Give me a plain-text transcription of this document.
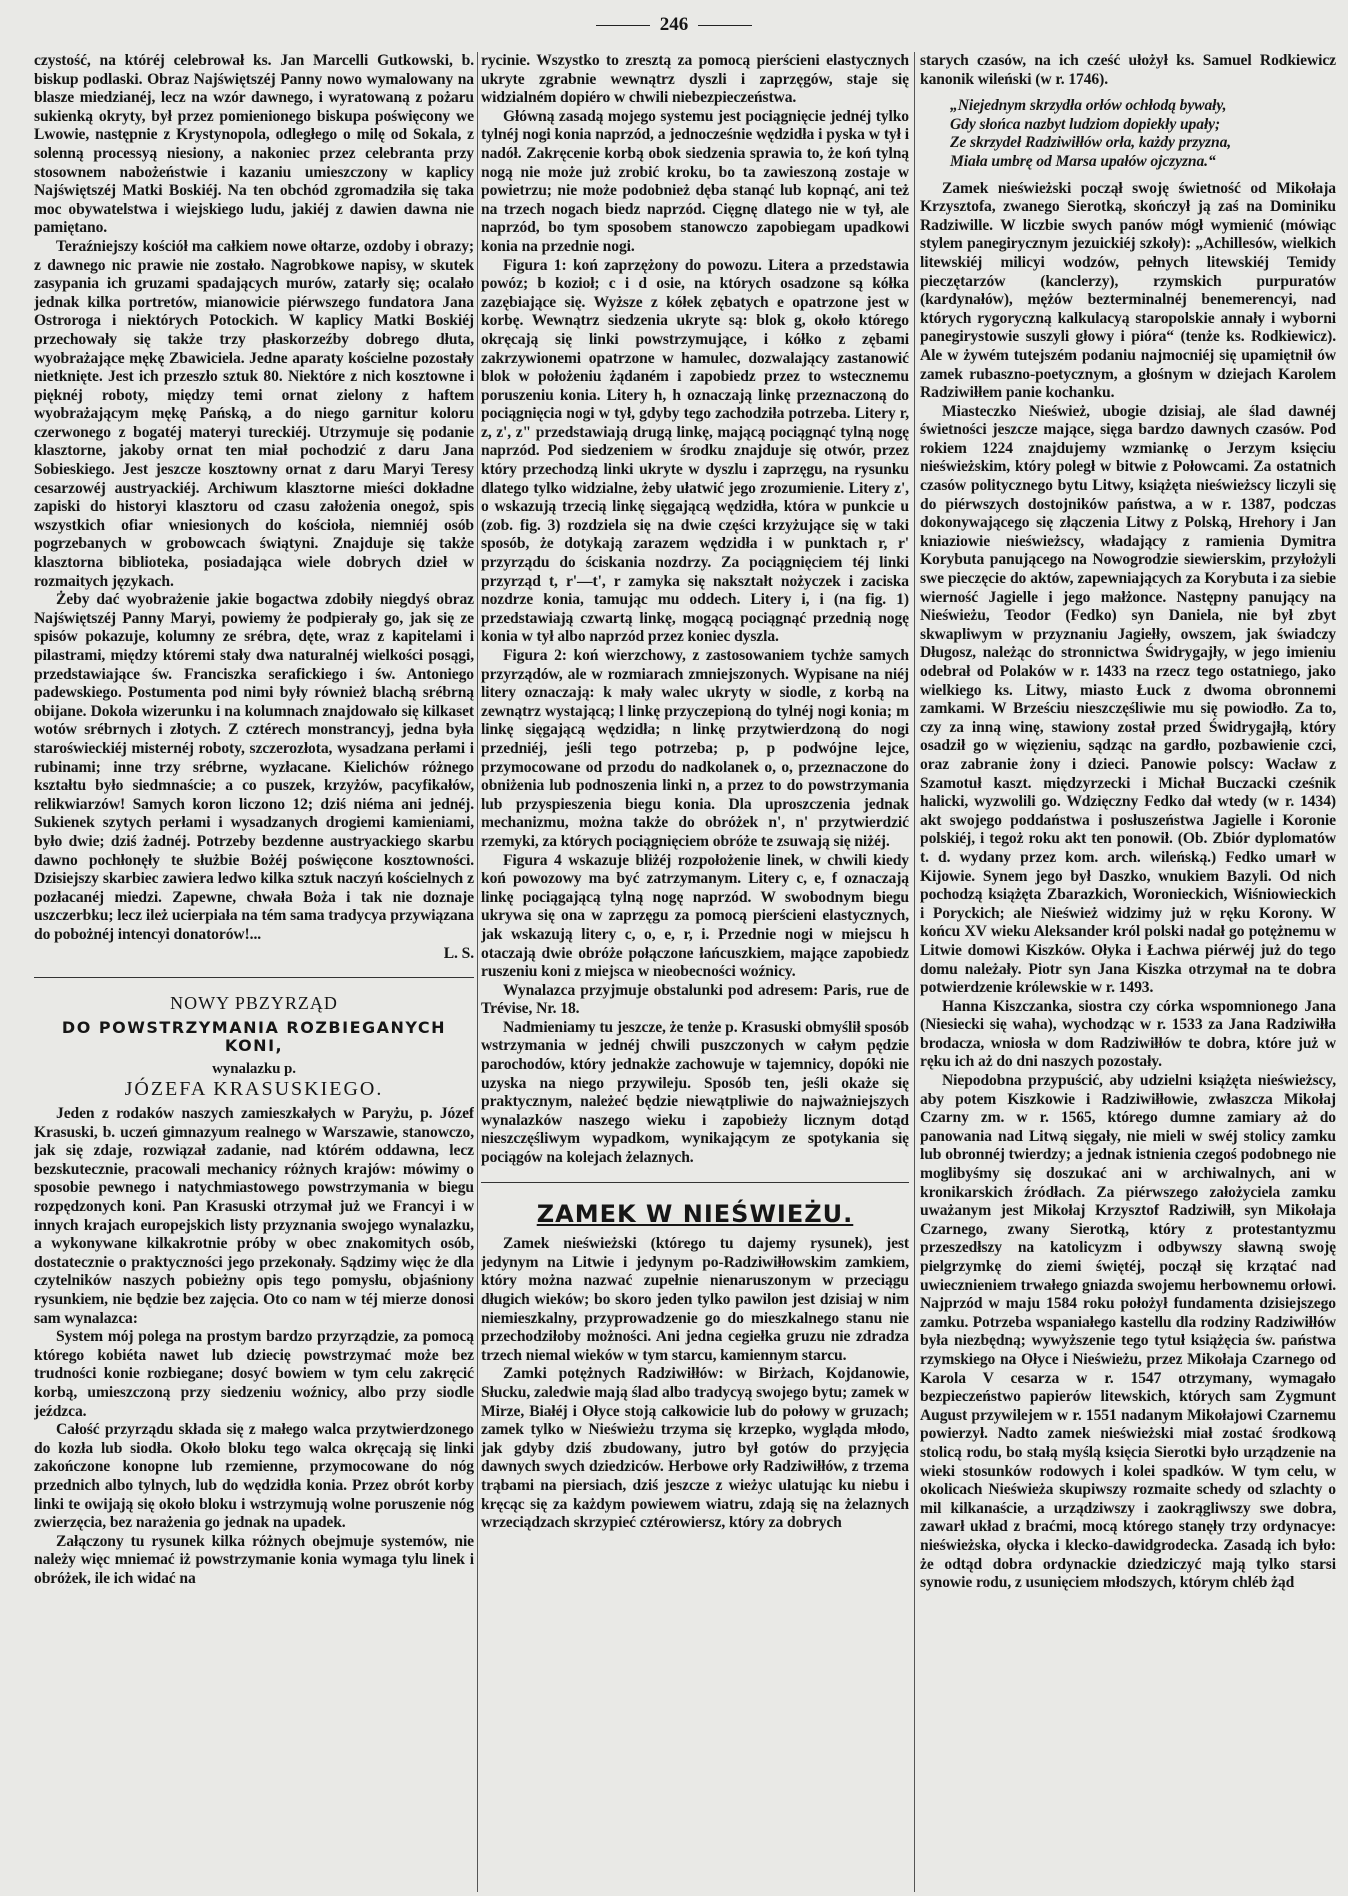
246

czystość, na któréj celebrował ks. Jan Marcelli Gutkowski, b. biskup podlaski. Obraz Najświętszéj Panny nowo wymalowany na blasze miedzianéj, lecz na wzór dawnego, i wyratowaną z pożaru sukienką okryty, był przez pomienionego biskupa poświęcony we Lwowie, następnie z Krystynopola, odległego o milę od Sokala, z solenną processyą niesiony, a nakoniec przez celebranta przy stosownem nabożeństwie i kazaniu umieszczony w kaplicy Najświętszéj Matki Boskiéj. Na ten obchód zgromadziła się taka moc obywatelstwa i wiejskiego ludu, jakiéj z dawien dawna nie pamiętano.

Teraźniejszy kościół ma całkiem nowe ołtarze, ozdoby i obrazy; z dawnego nic prawie nie zostało. Nagrobkowe napisy, w skutek zasypania ich gruzami spadających murów, zatarły się; ocalało jednak kilka portretów, mianowicie piérwszego fundatora Jana Ostroroga i niektórych Potockich. W kaplicy Matki Boskiéj przechowały się także trzy płaskorzeźby dobrego dłuta, wyobrażające mękę Zbawiciela. Jedne aparaty kościelne pozostały nietknięte. Jest ich przeszło sztuk 80. Niektóre z nich kosztowne i pięknéj roboty, między temi ornat zielony z haftem wyobrażającym mękę Pańską, a do niego garnitur koloru czerwonego z bogatéj materyi tureckiéj. Utrzymuje się podanie klasztorne, jakoby ornat ten miał pochodzić z daru Jana Sobieskiego. Jest jeszcze kosztowny ornat z daru Maryi Teresy cesarzowéj austryackiéj. Archiwum klasztorne mieści dokładne zapiski do historyi klasztoru od czasu założenia onegoż, spis wszystkich ofiar wniesionych do kościoła, niemniéj osób pogrzebanych w grobowcach świątyni. Znajduje się także klasztorna biblioteka, posiadająca wiele dobrych dzieł w rozmaitych językach.

Żeby dać wyobrażenie jakie bogactwa zdobiły niegdyś obraz Najświętszéj Panny Maryi, powiemy że podpierały go, jak się ze spisów pokazuje, kolumny ze srébra, dęte, wraz z kapitelami i pilastrami, między któremi stały dwa naturalnéj wielkości posągi, przedstawiające św. Franciszka serafickiego i św. Antoniego padewskiego. Postumenta pod nimi były również blachą srébrną obijane. Dokoła wizerunku i na kolumnach znajdowało się kilkaset wotów srébrnych i złotych. Z cztérech monstrancyj, jedna była staroświeckiéj misternéj roboty, szczerozłota, wysadzana perłami i rubinami; inne trzy srébrne, wyzłacane. Kielichów różnego kształtu było siedmnaście; a co puszek, krzyżów, pacyfikałów, relikwiarzów! Samych koron liczono 12; dziś niéma ani jednéj. Sukienek szytych perłami i wysadzanych drogiemi kamieniami, było dwie; dziś żadnéj. Potrzeby bezdenne austryackiego skarbu dawno pochłonęły te służbie Bożéj poświęcone kosztowności. Dzisiejszy skarbiec zawiera ledwo kilka sztuk naczyń kościelnych z pozłacanéj miedzi. Zapewne, chwała Boża i tak nie doznaje uszczerbku; lecz ileż ucierpiała na tém sama tradycya przywiązana do pobożnéj intencyi donatorów!...

L. S.
NOWY PBZYRZĄD
DO POWSTRZYMANIA ROZBIEGANYCH KONI,
wynalazku p.
JÓZEFA KRASUSKIEGO.

Jeden z rodaków naszych zamieszkałych w Paryżu, p. Józef Krasuski, b. uczeń gimnazyum realnego w Warszawie, stanowczo, jak się zdaje, rozwiązał zadanie, nad którém oddawna, lecz bezskutecznie, pracowali mechanicy różnych krajów: mówimy o sposobie pewnego i natychmiastowego powstrzymania w biegu rozpędzonych koni. Pan Krasuski otrzymał już we Francyi i w innych krajach europejskich listy przyznania swojego wynalazku, a wykonywane kilkakrotnie próby w obec znakomitych osób, dostatecznie o praktyczności jego przekonały. Sądzimy więc że dla czytelników naszych pobieżny opis tego pomysłu, objaśniony rysunkiem, nie będzie bez zajęcia. Oto co nam w téj mierze donosi sam wynalazca:

System mój polega na prostym bardzo przyrządzie, za pomocą którego kobiéta nawet lub dziecię powstrzymać może bez trudności konie rozbiegane; dosyć bowiem w tym celu zakręcić korbą, umieszczoną przy siedzeniu woźnicy, albo przy siodle jeźdzca.

Całość przyrządu składa się z małego walca przytwierdzonego do kozła lub siodła. Około bloku tego walca okręcają się linki zakończone konopne lub rzemienne, przymocowane do nóg przednich albo tylnych, lub do wędzidła konia. Przez obrót korby linki te owijają się około bloku i wstrzymują wolne poruszenie nóg zwierzęcia, bez narażenia go jednak na upadek.

Załączony tu rysunek kilka różnych obejmuje systemów, nie należy więc mniemać iż powstrzymanie konia wymaga tylu linek i obróżek, ile ich widać na

rycinie. Wszystko to zresztą za pomocą pierścieni elastycznych ukryte zgrabnie wewnątrz dyszli i zaprzęgów, staje się widzialném dopiéro w chwili niebezpieczeństwa.

Główną zasadą mojego systemu jest pociągnięcie jednéj tylko tylnéj nogi konia naprzód, a jednocześnie wędzidła i pyska w tył i nadół. Zakręcenie korbą obok siedzenia sprawia to, że koń tylną nogą nie może już zrobić kroku, bo ta zawieszoną zostaje w powietrzu; nie może podobnież dęba stanąć lub kopnąć, ani też na trzech nogach biedz naprzód. Cięgnę dlatego nie w tył, ale naprzód, bo tym sposobem stanowczo zapobiegam upadkowi konia na przednie nogi.

Figura 1: koń zaprzężony do powozu. Litera a przedstawia powóz; b kozioł; c i d osie, na których osadzone są kółka zazębiające się. Wyższe z kółek zębatych e opatrzone jest w korbę. Wewnątrz siedzenia ukryte są: blok g, około którego okręcają się linki powstrzymujące, i kółko z zębami zakrzywionemi opatrzone w hamulec, dozwalający zastanowić blok w położeniu żądaném i zapobiedz przez to wstecznemu poruszeniu konia. Litery h, h oznaczają linkę przeznaczoną do pociągnięcia nogi w tył, gdyby tego zachodziła potrzeba. Litery r, z, z', z" przedstawiają drugą linkę, mającą pociągnąć tylną nogę naprzód. Pod siedzeniem w środku znajduje się otwór, przez który przechodzą linki ukryte w dyszlu i zaprzęgu, na rysunku dlatego tylko widzialne, żeby ułatwić jego zrozumienie. Litery z', o wskazują trzecią linkę sięgającą wędzidła, która w punkcie u (zob. fig. 3) rozdziela się na dwie części krzyżujące się w taki sposób, że dotykają zarazem wędzidła i w punktach r, r' przyrządu do ściskania nozdrzy. Za pociągnięciem téj linki przyrząd t, r'—t', r zamyka się nakształt nożyczek i zaciska nozdrze konia, tamując mu oddech. Litery i, i (na fig. 1) przedstawiają czwartą linkę, mogącą pociągnąć przednią nogę konia w tył albo naprzód przez koniec dyszla.

Figura 2: koń wierzchowy, z zastosowaniem tychże samych przyrządów, ale w rozmiarach zmniejszonych. Wypisane na niéj litery oznaczają: k mały walec ukryty w siodle, z korbą na zewnątrz wystającą; l linkę przyczepioną do tylnéj nogi konia; m linkę sięgającą wędzidła; n linkę przytwierdzoną do nogi przedniéj, jeśli tego potrzeba; p, p podwójne lejce, przymocowane od przodu do nadkolanek o, o, przeznaczone do obniżenia lub podnoszenia linki n, a przez to do powstrzymania lub przyspieszenia biegu konia. Dla uproszczenia jednak mechanizmu, można także do obróżek n', n' przytwierdzić rzemyki, za których pociągnięciem obróże te zsuwają się niżéj.

Figura 4 wskazuje bliżéj rozpołożenie linek, w chwili kiedy koń powozowy ma być zatrzymanym. Litery c, e, f oznaczają linkę pociągającą tylną nogę naprzód. W swobodnym biegu ukrywa się ona w zaprzęgu za pomocą pierścieni elastycznych, jak wskazują litery c, o, e, r, i. Przednie nogi w miejscu h otaczają dwie obróże połączone łańcuszkiem, mające zapobiedz ruszeniu koni z miejsca w nieobecności woźnicy.

Wynalazca przyjmuje obstalunki pod adresem: Paris, rue de Trévise, Nr. 18.

Nadmieniamy tu jeszcze, że tenże p. Krasuski obmyślił sposób wstrzymania w jednéj chwili puszczonych w całym pędzie parochodów, który jednakże zachowuje w tajemnicy, dopóki nie uzyska na niego przywileju. Sposób ten, jeśli okaże się praktycznym, należeć będzie niewątpliwie do najważniejszych wynalazków naszego wieku i zapobieży licznym dotąd nieszczęśliwym wypadkom, wynikającym ze spotykania się pociągów na kolejach żelaznych.

ZAMEK W NIEŚWIEŻU.

Zamek nieświeżski (którego tu dajemy rysunek), jest jedynym na Litwie i jedynym po-Radziwiłłowskim zamkiem, który można nazwać zupełnie nienaruszonym w przeciągu długich wieków; bo skoro jeden tylko pawilon jest dzisiaj w nim niemieszkalny, przyprowadzenie go do mieszkalnego stanu nie przechodziłoby możności. Ani jedna cegiełka gruzu nie zdradza trzech niemal wieków w tym starcu, kamiennym starcu.

Zamki potężnych Radziwiłłów: w Birżach, Kojdanowie, Słucku, zaledwie mają ślad albo tradycyą swojego bytu; zamek w Mirze, Białéj i Ołyce stoją całkowicie lub do połowy w gruzach; zamek tylko w Nieświeżu trzyma się krzepko, wygląda młodo, jak gdyby dziś zbudowany, jutro był gotów do przyjęcia dawnych swych dziedziców. Herbowe orły Radziwiłłów, z trzema trąbami na piersiach, dziś jeszcze z wieżyc ulatując ku niebu i kręcąc się za każdym powiewem wiatru, zdają się na żelaznych wrzeciądzach skrzypieć cztérowiersz, który za dobrych

starych czasów, na ich cześć ułożył ks. Samuel Rodkiewicz kanonik wileński (w r. 1746).

„Niejednym skrzydła orłów ochłodą bywały,
Gdy słońca nazbyt ludziom dopiekły upały;
Ze skrzydeł Radziwiłłów orła, każdy przyzna,
Miała umbrę od Marsa upałów ojczyzna.“

Zamek nieświeżski począł swoję świetność od Mikołaja Krzysztofa, zwanego Sierotką, skończył ją zaś na Dominiku Radziwille. W liczbie swych panów mógł wymienić (mówiąc stylem panegirycznym jezuickiéj szkoły): „Achillesów, wielkich litewskiéj milicyi wodzów, pełnych litewskiéj Temidy pieczętarzów (kanclerzy), rzymskich purpuratów (kardynałów), mężów bezterminalnéj benemerencyi, nad których rygoryczną kalkulacyą staropolskie annały i wyborni panegirystowie suszyli głowy i pióra“ (tenże ks. Rodkiewicz). Ale w żywém tutejszém podaniu najmocniéj się upamiętnił ów zamek rubaszno-poetycznym, a głośnym w dziejach Karolem Radziwiłłem panie kochanku.

Miasteczko Nieśwież, ubogie dzisiaj, ale ślad dawnéj świetności jeszcze mające, sięga bardzo dawnych czasów. Pod rokiem 1224 znajdujemy wzmiankę o Jerzym księciu nieświeżskim, który poległ w bitwie z Połowcami. Za ostatnich czasów politycznego bytu Litwy, książęta nieświeżscy liczyli się do piérwszych dostojników państwa, a w r. 1387, podczas dokonywającego się złączenia Litwy z Polską, Hrehory i Jan kniaziowie nieświeżscy, władający z ramienia Dymitra Korybuta panującego na Nowogrodzie siewierskim, przyłożyli swe pieczęcie do aktów, zapewniających za Korybuta i za siebie wierność Jagielle i jego małżonce. Następny panujący na Nieświeżu, Teodor (Fedko) syn Daniela, nie był zbyt skwapliwym w przyznaniu Jagiełły, owszem, jak świadczy Długosz, należąc do stronnictwa Świdrygajły, w jego imieniu odebrał od Polaków w r. 1433 na rzecz tego ostatniego, jako wielkiego ks. Litwy, miasto Łuck z dwoma obronnemi zamkami. W Brześciu nieszczęśliwie mu się powiodło. Za to, czy za inną winę, stawiony został przed Świdrygajłą, który osadził go w więzieniu, sądząc na gardło, pozbawienie czci, oraz zabranie żony i dzieci. Panowie polscy: Wacław z Szamotuł kaszt. międzyrzecki i Michał Buczacki cześnik halicki, wyzwolili go. Wdzięczny Fedko dał wtedy (w r. 1434) akt swojego poddaństwa i posłuszeństwa Jagielle i Koronie polskiéj, i tegoż roku akt ten ponowił. (Ob. Zbiór dyplomatów t. d. wydany przez kom. arch. wileńską.) Fedko umarł w Kijowie. Synem jego był Daszko, wnukiem Bazyli. Od nich pochodzą książęta Zbarazkich, Woronieckich, Wiśniowieckich i Poryckich; ale Nieśwież widzimy już w ręku Korony. W końcu XV wieku Aleksander król polski nadał go potężnemu w Litwie domowi Kiszków. Ołyka i Łachwa piérwéj już do tego domu należały. Piotr syn Jana Kiszka otrzymał na te dobra potwierdzenie królewskie w r. 1493.

Hanna Kiszczanka, siostra czy córka wspomnionego Jana (Niesiecki się waha), wychodząc w r. 1533 za Jana Radziwiłła brodacza, wniosła w dom Radziwiłłów te dobra, które już w ręku ich aż do dni naszych pozostały.

Niepodobna przypuścić, aby udzielni książęta nieświeżscy, aby potem Kiszkowie i Radziwiłłowie, zwłaszcza Mikołaj Czarny zm. w r. 1565, którego dumne zamiary aż do panowania nad Litwą sięgały, nie mieli w swéj stolicy zamku lub obronnéj twierdzy; a jednak istnienia czegoś podobnego nie moglibyśmy się doszukać ani w archiwalnych, ani w kronikarskich źródłach. Za piérwszego założyciela zamku uważanym jest Mikołaj Krzysztof Radziwiłł, syn Mikołaja Czarnego, zwany Sierotką, który z protestantyzmu przeszedłszy na katolicyzm i odbywszy sławną swoję pielgrzymkę do ziemi świętéj, począł się krzątać nad uwiecznieniem trwałego gniazda swojemu herbownemu orłowi. Najprzód w maju 1584 roku położył fundamenta dzisiejszego zamku. Potrzeba wspaniałego kastellu dla rodziny Radziwiłłów była niezbędną; wywyższenie tego tytuł książęcia św. państwa rzymskiego na Ołyce i Nieświeżu, przez Mikołaja Czarnego od Karola V cesarza w r. 1547 otrzymany, wymagało bezpieczeństwo papierów litewskich, których sam Zygmunt August przywilejem w r. 1551 nadanym Mikołajowi Czarnemu powierzył. Nadto zamek nieświeżski miał zostać środkową stolicą rodu, bo stałą myślą księcia Sierotki było urządzenie na wieki stosunków rodowych i kolei spadków. W tym celu, w okolicach Nieświeża skupiwszy rozmaite schedy od szlachty o mil kilkanaście, a urządziwszy i zaokrągliwszy swe dobra, zawarł układ z braćmi, mocą którego stanęły trzy ordynacye: nieświeżska, ołycka i klecko-dawidgrodecka. Zasadą ich było: że odtąd dobra ordynackie dziedziczyć mają tylko starsi synowie rodu, z usunięciem młodszych, którym chléb żąd
